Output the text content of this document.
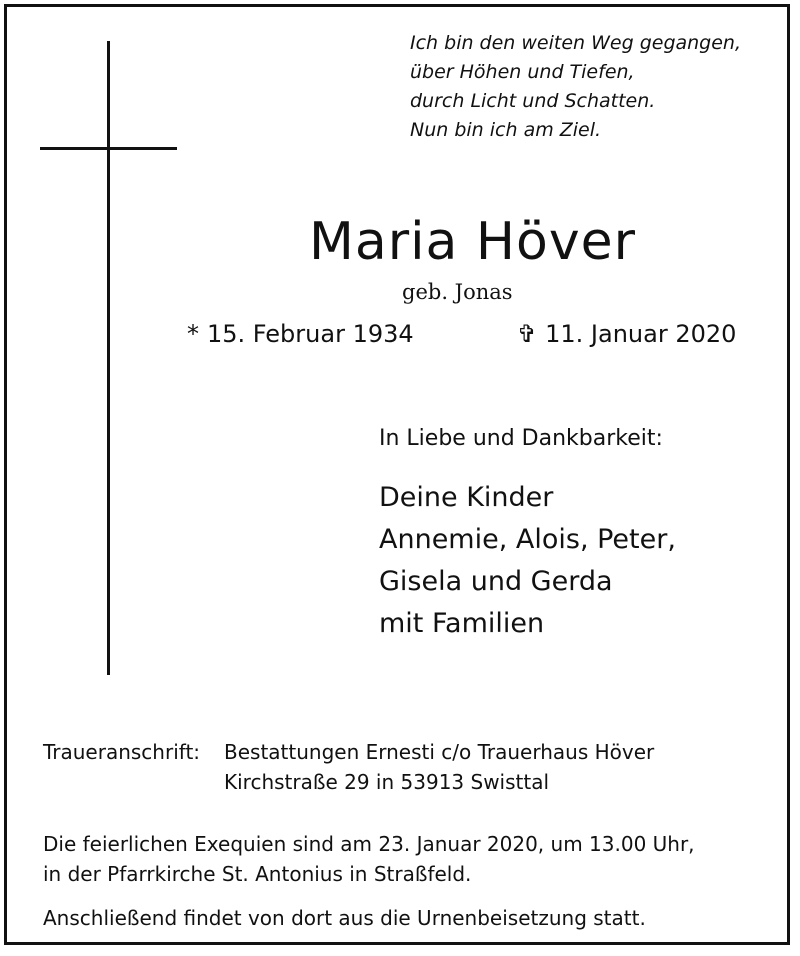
Ich bin den weiten Weg gegangen,
über Höhen und Tiefen,
durch Licht und Schatten.
Nun bin ich am Ziel.
Maria Höver
geb. Jonas
* 15. Februar 1934	✞ 11. Januar 2020
In Liebe und Dankbarkeit:
Deine Kinder
Annemie, Alois, Peter,
Gisela und Gerda
mit Familien
Traueranschrift: Bestattungen Ernesti c/o Trauerhaus Höver
Kirchstraße 29 in 53913 Swisttal
Die feierlichen Exequien sind am 23. Januar 2020, um 13.00 Uhr,
in der Pfarrkirche St. Antonius in Straßfeld.
Anschließend findet von dort aus die Urnenbeisetzung statt.
